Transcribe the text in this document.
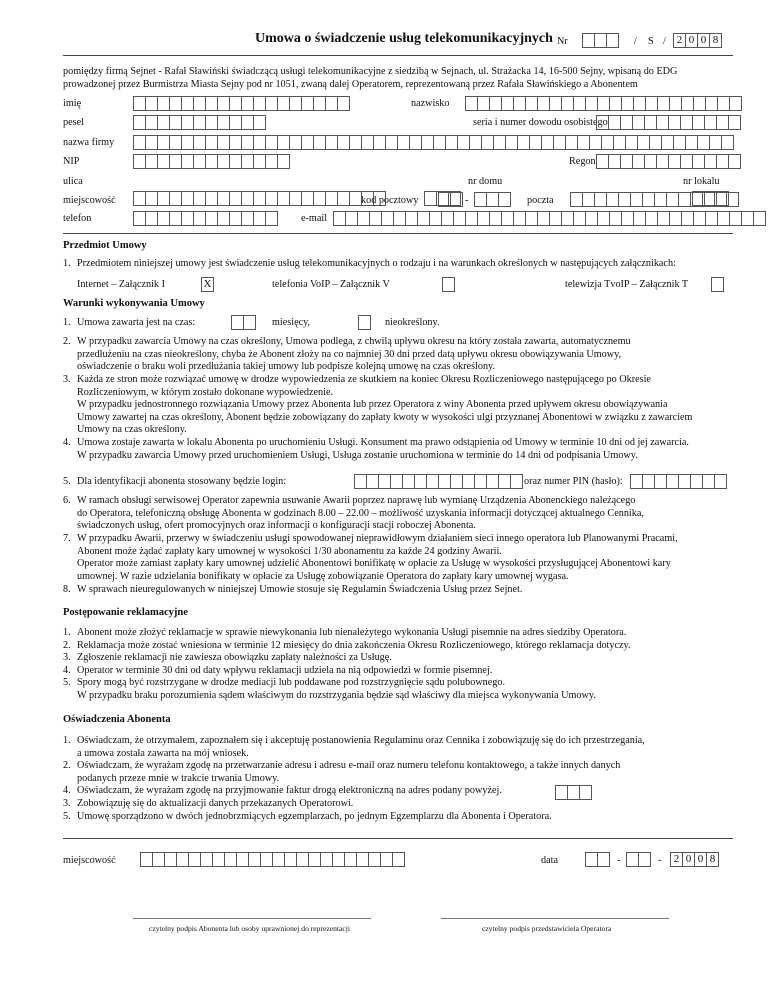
Umowa o świadczenie usług telekomunikacyjnych Nr	/ S / 2 0 0 8
pomiędzy firmą Sejnet - Rafał Sławiński świadczącą usługi telekomunikacyjne z siedzibą w Sejnach, ul. Strażacka 14, 16-500 Sejny, wpisaną do EDG
prowadzonej przez Burmistrza Miasta Sejny pod nr 1051, zwaną dalej Operatorem, reprezentowaną przez Rafała Sławińskiego a Abonentem
imię	nazwisko
pesel	seria i numer dowodu osobistego
nazwa firmy
NIP	Regon
ulica	nr domu	nr lokalu
miejscowość	kod pocztowy	-	poczta
telefon	e-mail
Przedmiot Umowy
1. Przedmiotem niniejszej umowy jest świadczenie usług telekomunikacyjnych o rodzaju i na warunkach określonych w następujących załącznikach:
Internet – Załącznik I	X	telefonia VoIP – Załącznik V	telewizja TvoIP – Załącznik T
Warunki wykonywania Umowy
1. Umowa zawarta jest na czas:	miesięcy,	nieokreślony.
2. W przypadku zawarcia Umowy na czas określony, Umowa podlega, z chwilą upływu okresu na który została zawarta, automatycznemu
przedłużeniu na czas nieokreślony, chyba że Abonent złoży na co najmniej 30 dni przed datą upływu okresu obowiązywania Umowy,
oświadczenie o braku woli przedłużania takiej umowy lub podpisze kolejną umowę na czas określony.
3. Każda ze stron może rozwiązać umowę w drodze wypowiedzenia ze skutkiem na koniec Okresu Rozliczeniowego następującego po Okresie
Rozliczeniowym, w którym zostało dokonane wypowiedzenie.
W przypadku jednostronnego rozwiązania Umowy przez Abonenta lub przez Operatora z winy Abonenta przed upływem okresu obowiązywania
Umowy zawartej na czas określony, Abonent będzie zobowiązany do zapłaty kwoty w wysokości ulgi przyznanej Abonentowi w związku z zawarciem
Umowy na czas określony.
4. Umowa zostaje zawarta w lokalu Abonenta po uruchomieniu Usługi. Konsument ma prawo odstąpienia od Umowy w terminie 10 dni od jej zawarcia.
W przypadku zawarcia Umowy przed uruchomieniem Usługi, Usługa zostanie uruchomiona w terminie do 14 dni od podpisania Umowy.
5. Dla identyfikacji abonenta stosowany będzie login:	oraz numer PIN (hasło):
6. W ramach obsługi serwisowej Operator zapewnia usuwanie Awarii poprzez naprawę lub wymianę Urządzenia Abonenckiego należącego
do Operatora, telefoniczną obsługę Abonenta w godzinach 8.00 – 22.00 – możliwość uzyskania informacji dotyczącej aktualnego Cennika,
świadczonych usług, ofert promocyjnych oraz informacji o konfiguracji stacji roboczej Abonenta.
7. W przypadku Awarii, przerwy w świadczeniu usługi spowodowanej nieprawidłowym działaniem sieci innego operatora lub Planowanymi Pracami,
Abonent może żądać zapłaty kary umownej w wysokości 1/30 abonamentu za każde 24 godziny Awarii.
Operator może zamiast zapłaty kary umownej udzielić Abonentowi bonifikatę w opłacie za Usługę w wysokości przysługującej Abonentowi kary
umownej. W razie udzielania bonifikaty w opłacie za Usługę zobowiązanie Operatora do zapłaty kary umownej wygasa.
8. W sprawach nieuregulowanych w niniejszej Umowie stosuje się Regulamin Świadczenia Usług przez Sejnet.
Postępowanie reklamacyjne
1. Abonent może złożyć reklamacje w sprawie niewykonania lub nienależytego wykonania Usługi pisemnie na adres siedziby Operatora.
2. Reklamacja może zostać wniesiona w terminie 12 miesięcy do dnia zakończenia Okresu Rozliczeniowego, którego reklamacja dotyczy.
3. Zgłoszenie reklamacji nie zawiesza obowiązku zapłaty należności za Usługę.
4. Operator w terminie 30 dni od daty wpływu reklamacji udziela na nią odpowiedzi w formie pisemnej.
5. Spory mogą być rozstrzygane w drodze mediacji lub poddawane pod rozstrzygnięcie sądu polubownego.
W przypadku braku porozumienia sądem właściwym do rozstrzygania będzie sąd właściwy dla miejsca wykonywania Umowy.
Oświadczenia Abonenta
1. Oświadczam, że otrzymałem, zapoznałem się i akceptuję postanowienia Regulaminu oraz Cennika i zobowiązuję się do ich przestrzegania,
a umowa została zawarta na mój wniosek.
2. Oświadczam, że wyrażam zgodę na przetwarzanie adresu i adresu e-mail oraz numeru telefonu kontaktowego, a także innych danych
podanych przeze mnie w trakcie trwania Umowy.
4. Oświadczam, że wyrażam zgodę na przyjmowanie faktur drogą elektroniczną na adres podany powyżej.
3. Zobowiązuję się do aktualizacji danych przekazanych Operatorowi.
5. Umowę sporządzono w dwóch jednobrzmiących egzemplarzach, po jednym Egzemplarzu dla Abonenta i Operatora.
miejscowość	data	-	-	2 0 0 8
czytelny podpis Abonenta lub osoby uprawnionej do reprezentacji	czytelny podpis przedstawiciela Operatora
